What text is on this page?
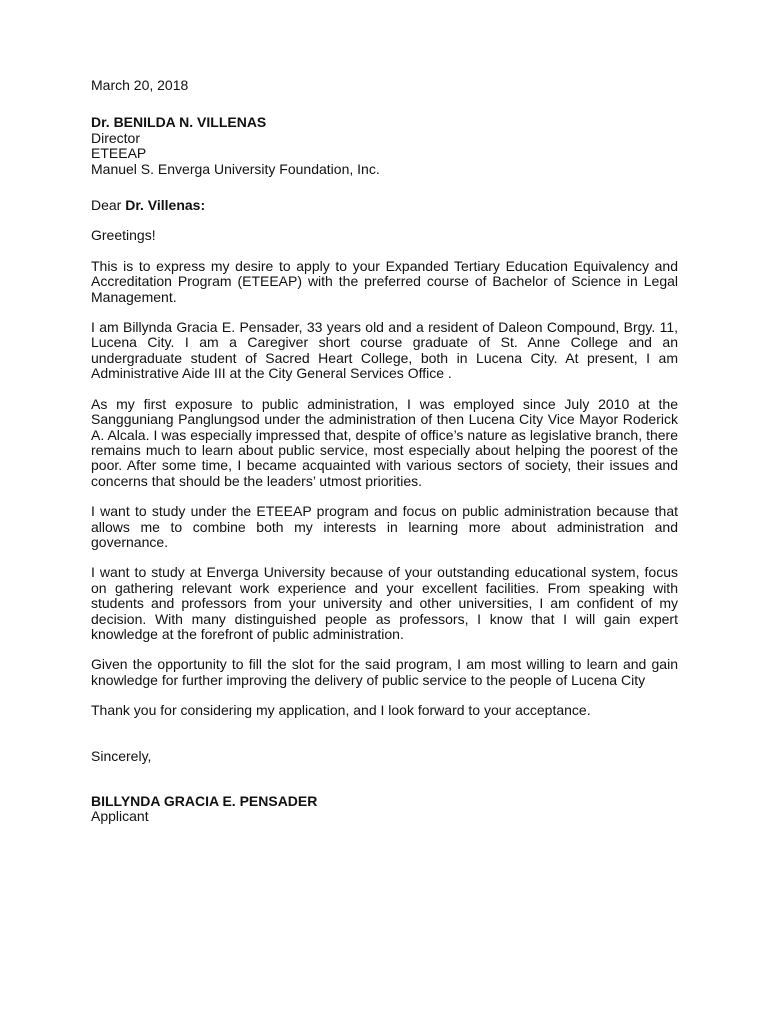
March 20, 2018

Dr. BENILDA N. VILLENAS
Director
ETEEAP
Manuel S. Enverga University Foundation, Inc.

Dear Dr. Villenas:

Greetings!

This is to express my desire to apply to your Expanded Tertiary Education Equivalency and Accreditation Program (ETEEAP) with the preferred course of Bachelor of Science in Legal Management.

I am Billynda Gracia E. Pensader, 33 years old and a resident of Daleon Compound, Brgy. 11, Lucena City. I am a Caregiver short course graduate of St. Anne College and an undergraduate student of Sacred Heart College, both in Lucena City. At present, I am Administrative Aide III at the City General Services Office .

As my first exposure to public administration, I was employed since July 2010 at the Sangguniang Panglungsod under the administration of then Lucena City Vice Mayor Roderick A. Alcala. I was especially impressed that, despite of office’s nature as legislative branch, there remains much to learn about public service, most especially about helping the poorest of the poor. After some time, I became acquainted with various sectors of society, their issues and concerns that should be the leaders’ utmost priorities.

I want to study under the ETEEAP program and focus on public administration because that allows me to combine both my interests in learning more about administration and governance.

I want to study at Enverga University because of your outstanding educational system, focus on gathering relevant work experience and your excellent facilities. From speaking with students and professors from your university and other universities, I am confident of my decision. With many distinguished people as professors, I know that I will gain expert knowledge at the forefront of public administration.

Given the opportunity to fill the slot for the said program, I am most willing to learn and gain knowledge for further improving the delivery of public service to the people of Lucena City

Thank you for considering my application, and I look forward to your acceptance.

Sincerely,

BILLYNDA GRACIA E. PENSADER
Applicant
